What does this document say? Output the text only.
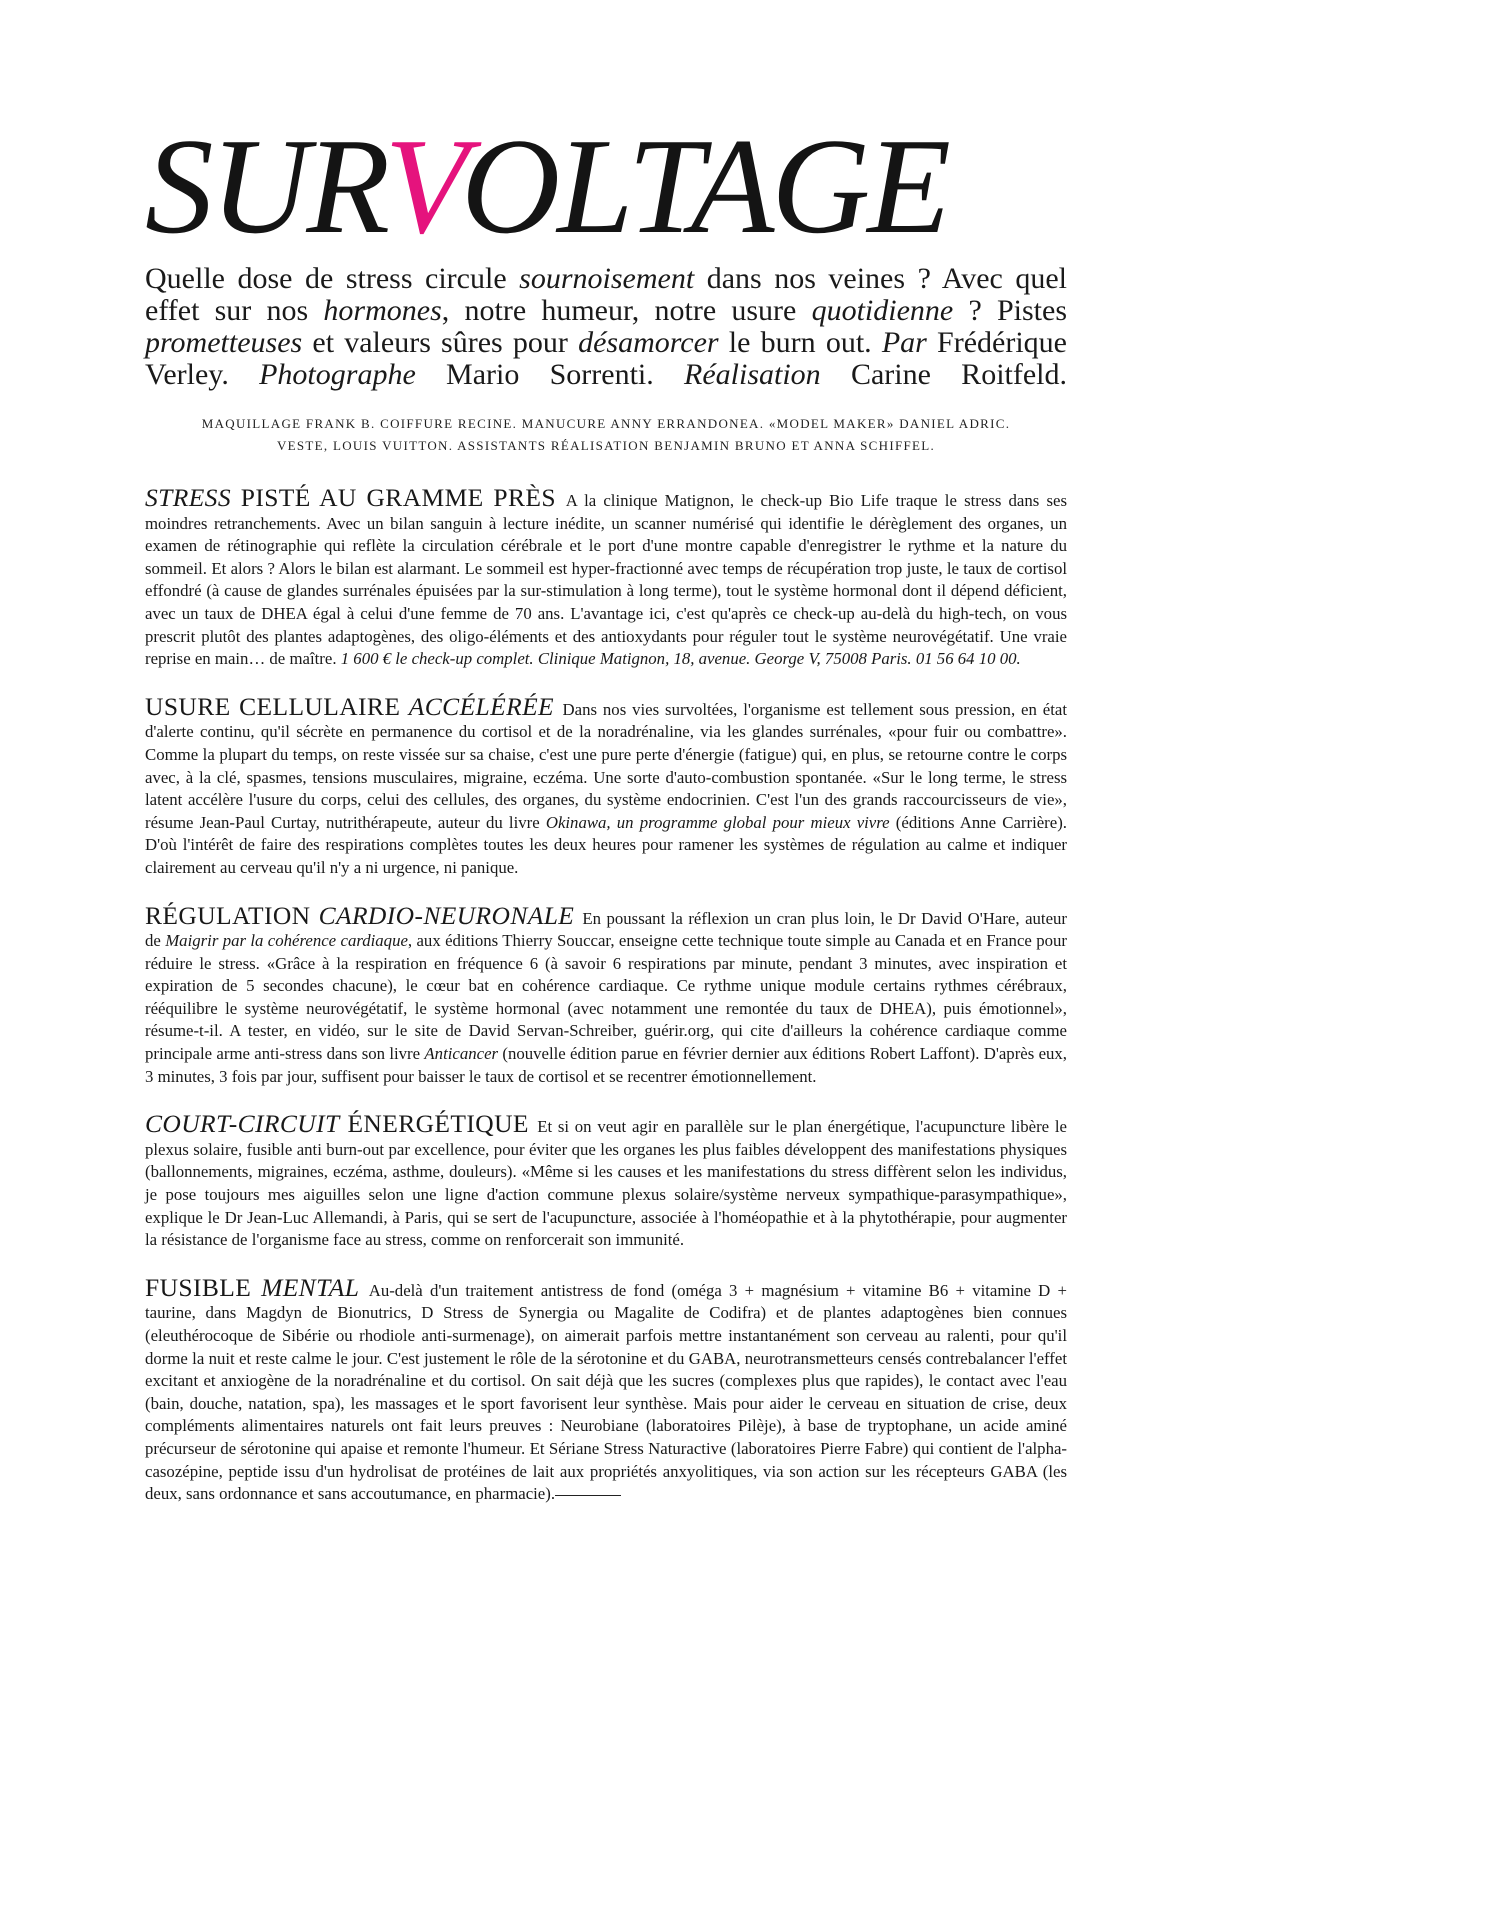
SURVOLTAGE

Quelle dose de stress circule sournoisement dans nos veines ? Avec quel effet sur nos hormones, notre humeur, notre usure quotidienne ? Pistes prometteuses et valeurs sûres pour désamorcer le burn out. Par Frédérique Verley. Photographe Mario Sorrenti. Réalisation Carine Roitfeld.

MAQUILLAGE FRANK B. COIFFURE RECINE. MANUCURE ANNY ERRANDONEA. «MODEL MAKER» DANIEL ADRIC.
VESTE, LOUIS VUITTON. ASSISTANTS RÉALISATION BENJAMIN BRUNO ET ANNA SCHIFFEL.

STRESS PISTÉ AU GRAMME PRÈS A la clinique Matignon, le check-up Bio Life traque le stress dans ses moindres retranchements. Avec un bilan sanguin à lecture inédite, un scanner numérisé qui identifie le dérèglement des organes, un examen de rétinographie qui reflète la circulation cérébrale et le port d'une montre capable d'enregistrer le rythme et la nature du sommeil. Et alors ? Alors le bilan est alarmant. Le sommeil est hyper-fractionné avec temps de récupération trop juste, le taux de cortisol effondré (à cause de glandes surrénales épuisées par la sur-stimulation à long terme), tout le système hormonal dont il dépend déficient, avec un taux de DHEA égal à celui d'une femme de 70 ans. L'avantage ici, c'est qu'après ce check-up au-delà du high-tech, on vous prescrit plutôt des plantes adaptogènes, des oligo-éléments et des antioxydants pour réguler tout le système neurovégétatif. Une vraie reprise en main… de maître. 1 600 € le check-up complet. Clinique Matignon, 18, avenue. George V, 75008 Paris. 01 56 64 10 00.

USURE CELLULAIRE ACCÉLÉRÉE Dans nos vies survoltées, l'organisme est tellement sous pression, en état d'alerte continu, qu'il sécrète en permanence du cortisol et de la noradrénaline, via les glandes surrénales, «pour fuir ou combattre». Comme la plupart du temps, on reste vissée sur sa chaise, c'est une pure perte d'énergie (fatigue) qui, en plus, se retourne contre le corps avec, à la clé, spasmes, tensions musculaires, migraine, eczéma. Une sorte d'auto-combustion spontanée. «Sur le long terme, le stress latent accélère l'usure du corps, celui des cellules, des organes, du système endocrinien. C'est l'un des grands raccourcisseurs de vie», résume Jean-Paul Curtay, nutrithérapeute, auteur du livre Okinawa, un programme global pour mieux vivre (éditions Anne Carrière). D'où l'intérêt de faire des respirations complètes toutes les deux heures pour ramener les systèmes de régulation au calme et indiquer clairement au cerveau qu'il n'y a ni urgence, ni panique.

RÉGULATION CARDIO-NEURONALE En poussant la réflexion un cran plus loin, le Dr David O'Hare, auteur de Maigrir par la cohérence cardiaque, aux éditions Thierry Souccar, enseigne cette technique toute simple au Canada et en France pour réduire le stress. «Grâce à la respiration en fréquence 6 (à savoir 6 respirations par minute, pendant 3 minutes, avec inspiration et expiration de 5 secondes chacune), le cœur bat en cohérence cardiaque. Ce rythme unique module certains rythmes cérébraux, rééquilibre le système neurovégétatif, le système hormonal (avec notamment une remontée du taux de DHEA), puis émotionnel», résume-t-il. A tester, en vidéo, sur le site de David Servan-Schreiber, guérir.org, qui cite d'ailleurs la cohérence cardiaque comme principale arme anti-stress dans son livre Anticancer (nouvelle édition parue en février dernier aux éditions Robert Laffont). D'après eux, 3 minutes, 3 fois par jour, suffisent pour baisser le taux de cortisol et se recentrer émotionnellement.

COURT-CIRCUIT ÉNERGÉTIQUE Et si on veut agir en parallèle sur le plan énergétique, l'acupuncture libère le plexus solaire, fusible anti burn-out par excellence, pour éviter que les organes les plus faibles développent des manifestations physiques (ballonnements, migraines, eczéma, asthme, douleurs). «Même si les causes et les manifestations du stress diffèrent selon les individus, je pose toujours mes aiguilles selon une ligne d'action commune plexus solaire/système nerveux sympathique-parasympathique», explique le Dr Jean-Luc Allemandi, à Paris, qui se sert de l'acupuncture, associée à l'homéopathie et à la phytothérapie, pour augmenter la résistance de l'organisme face au stress, comme on renforcerait son immunité.

FUSIBLE MENTAL Au-delà d'un traitement antistress de fond (oméga 3 + magnésium + vitamine B6 + vitamine D + taurine, dans Magdyn de Bionutrics, D Stress de Synergia ou Magalite de Codifra) et de plantes adaptogènes bien connues (eleuthérocoque de Sibérie ou rhodiole anti-surmenage), on aimerait parfois mettre instantanément son cerveau au ralenti, pour qu'il dorme la nuit et reste calme le jour. C'est justement le rôle de la sérotonine et du GABA, neurotransmetteurs censés contrebalancer l'effet excitant et anxiogène de la noradrénaline et du cortisol. On sait déjà que les sucres (complexes plus que rapides), le contact avec l'eau (bain, douche, natation, spa), les massages et le sport favorisent leur synthèse. Mais pour aider le cerveau en situation de crise, deux compléments alimentaires naturels ont fait leurs preuves : Neurobiane (laboratoires Pilèje), à base de tryptophane, un acide aminé précurseur de sérotonine qui apaise et remonte l'humeur. Et Sériane Stress Naturactive (laboratoires Pierre Fabre) qui contient de l'alpha-casozépine, peptide issu d'un hydrolisat de protéines de lait aux propriétés anxyolitiques, via son action sur les récepteurs GABA (les deux, sans ordonnance et sans accoutumance, en pharmacie).
